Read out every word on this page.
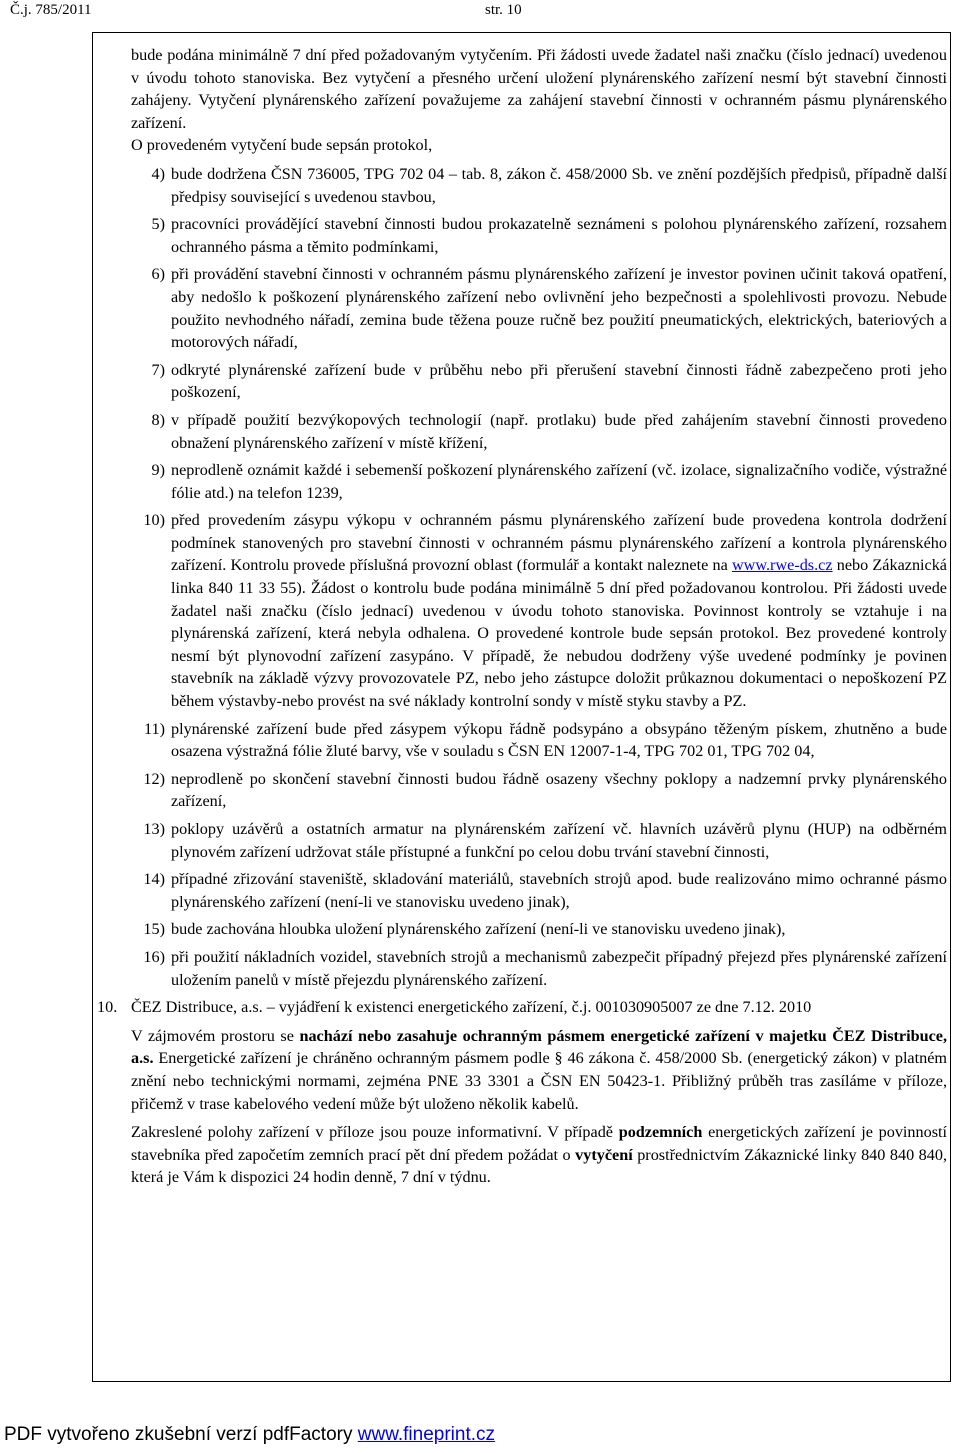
Č.j. 785/2011	str. 10

bude podána minimálně 7 dní před požadovaným vytyčením. Při žádosti uvede žadatel naši značku (číslo jednací) uvedenou v úvodu tohoto stanoviska. Bez vytyčení a přesného určení uložení plynárenského zařízení nesmí být stavební činnosti zahájeny. Vytyčení plynárenského zařízení považujeme za zahájení stavební činnosti v ochranném pásmu plynárenského zařízení.

O provedeném vytyčení bude sepsán protokol,

4) bude dodržena ČSN 736005, TPG 702 04 – tab. 8, zákon č. 458/2000 Sb. ve znění pozdějších předpisů, případně další předpisy související s uvedenou stavbou,
5) pracovníci provádějící stavební činnosti budou prokazatelně seznámeni s polohou plynárenského zařízení, rozsahem ochranného pásma a těmito podmínkami,
6) při provádění stavební činnosti v ochranném pásmu plynárenského zařízení je investor povinen učinit taková opatření, aby nedošlo k poškození plynárenského zařízení nebo ovlivnění jeho bezpečnosti a spolehlivosti provozu. Nebude použito nevhodného nářadí, zemina bude těžena pouze ručně bez použití pneumatických, elektrických, bateriových a motorových nářadí,
7) odkryté plynárenské zařízení bude v průběhu nebo při přerušení stavební činnosti řádně zabezpečeno proti jeho poškození,
8) v případě použití bezvýkopových technologií (např. protlaku) bude před zahájením stavební činnosti provedeno obnažení plynárenského zařízení v místě křížení,
9) neprodleně oznámit každé i sebemenší poškození plynárenského zařízení (vč. izolace, signalizačního vodiče, výstražné fólie atd.) na telefon 1239,
10) před provedením zásypu výkopu v ochranném pásmu plynárenského zařízení bude provedena kontrola dodržení podmínek stanovených pro stavební činnosti v ochranném pásmu plynárenského zařízení a kontrola plynárenského zařízení. Kontrolu provede příslušná provozní oblast (formulář a kontakt naleznete na www.rwe-ds.cz nebo Zákaznická linka 840 11 33 55). Žádost o kontrolu bude podána minimálně 5 dní před požadovanou kontrolou. Při žádosti uvede žadatel naši značku (číslo jednací) uvedenou v úvodu tohoto stanoviska. Povinnost kontroly se vztahuje i na plynárenská zařízení, která nebyla odhalena. O provedené kontrole bude sepsán protokol. Bez provedené kontroly nesmí být plynovodní zařízení zasypáno. V případě, že nebudou dodrženy výše uvedené podmínky je povinen stavebník na základě výzvy provozovatele PZ, nebo jeho zástupce doložit průkaznou dokumentaci o nepoškození PZ během výstavby-nebo provést na své náklady kontrolní sondy v místě styku stavby a PZ.
11) plynárenské zařízení bude před zásypem výkopu řádně podsypáno a obsypáno těženým pískem, zhutněno a bude osazena výstražná fólie žluté barvy, vše v souladu s ČSN EN 12007-1-4, TPG 702 01, TPG 702 04,
12) neprodleně po skončení stavební činnosti budou řádně osazeny všechny poklopy a nadzemní prvky plynárenského zařízení,
13) poklopy uzávěrů a ostatních armatur na plynárenském zařízení vč. hlavních uzávěrů plynu (HUP) na odběrném plynovém zařízení udržovat stále přístupné a funkční po celou dobu trvání stavební činnosti,
14) případné zřizování staveniště, skladování materiálů, stavebních strojů apod. bude realizováno mimo ochranné pásmo plynárenského zařízení (není-li ve stanovisku uvedeno jinak),
15) bude zachována hloubka uložení plynárenského zařízení (není-li ve stanovisku uvedeno jinak),
16) při použití nákladních vozidel, stavebních strojů a mechanismů zabezpečit případný přejezd přes plynárenské zařízení uložením panelů v místě přejezdu plynárenského zařízení.
10. ČEZ Distribuce, a.s. – vyjádření k existenci energetického zařízení, č.j. 001030905007 ze dne 7.12. 2010

V zájmovém prostoru se nachází nebo zasahuje ochranným pásmem energetické zařízení v majetku ČEZ Distribuce, a.s. Energetické zařízení je chráněno ochranným pásmem podle § 46 zákona č. 458/2000 Sb. (energetický zákon) v platném znění nebo technickými normami, zejména PNE 33 3301 a ČSN EN 50423-1. Přibližný průběh tras zasíláme v příloze, přičemž v trase kabelového vedení může být uloženo několik kabelů.

Zakreslené polohy zařízení v příloze jsou pouze informativní. V případě podzemních energetických zařízení je povinností stavebníka před započetím zemních prací pět dní předem požádat o vytyčení prostřednictvím Zákaznické linky 840 840 840, která je Vám k dispozici 24 hodin denně, 7 dní v týdnu.

PDF vytvořeno zkušební verzí pdfFactory www.fineprint.cz
